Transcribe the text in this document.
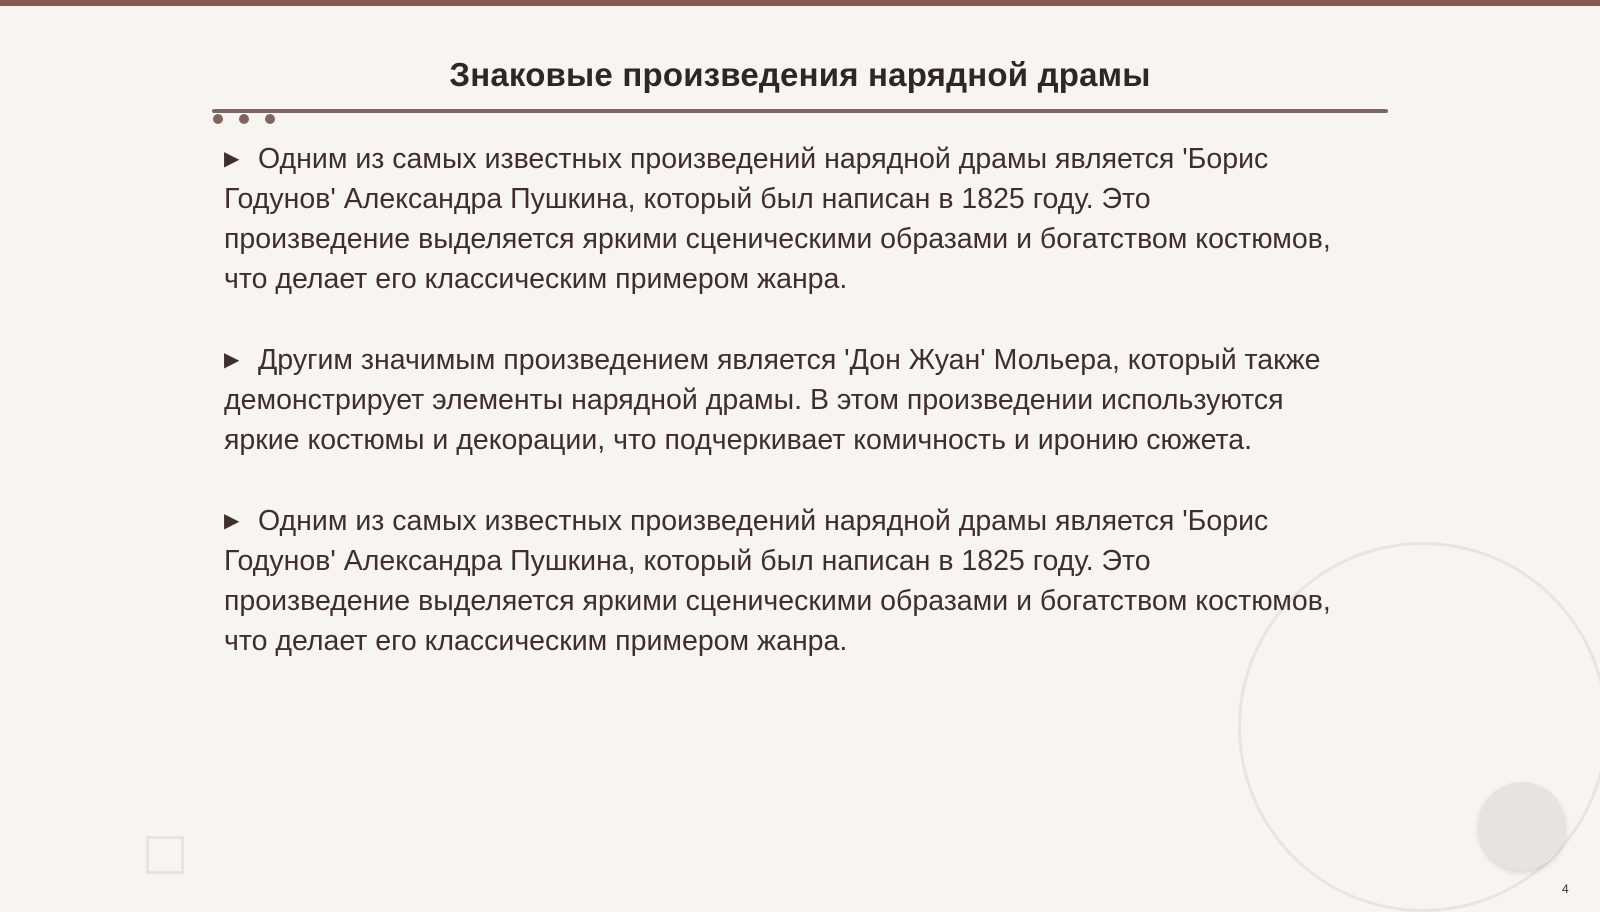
Знаковые произведения нарядной драмы

▶ Одним из самых известных произведений нарядной драмы является 'Борис Годунов' Александра Пушкина, который был написан в 1825 году. Это произведение выделяется яркими сценическими образами и богатством костюмов, что делает его классическим примером жанра.

▶ Другим значимым произведением является 'Дон Жуан' Мольера, который также демонстрирует элементы нарядной драмы. В этом произведении используются яркие костюмы и декорации, что подчеркивает комичность и иронию сюжета.

▶ Одним из самых известных произведений нарядной драмы является 'Борис Годунов' Александра Пушкина, который был написан в 1825 году. Это произведение выделяется яркими сценическими образами и богатством костюмов, что делает его классическим примером жанра.

4
